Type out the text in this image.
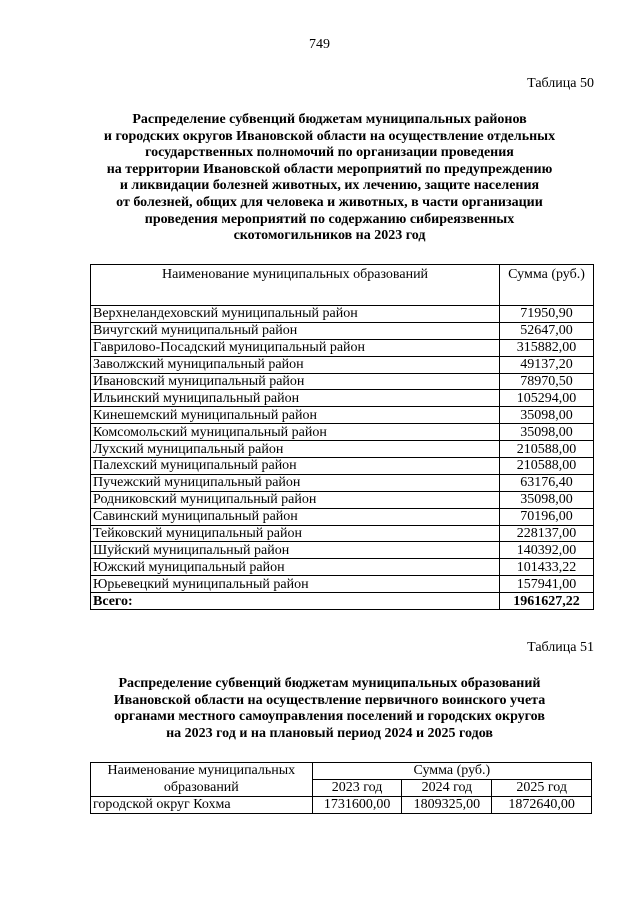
749
Таблица 50
Распределение субвенций бюджетам муниципальных районов
и городских округов Ивановской области на осуществление отдельных
государственных полномочий по организации проведения
на территории Ивановской области мероприятий по предупреждению
и ликвидации болезней животных, их лечению, защите населения
от болезней, общих для человека и животных, в части организации
проведения мероприятий по содержанию сибиреязвенных
скотомогильников на 2023 год
Наименование муниципальных образований	Сумма (руб.)
Верхнеландеховский муниципальный район	71950,90
Вичугский муниципальный район	52647,00
Гаврилово-Посадский муниципальный район	315882,00
Заволжский муниципальный район	49137,20
Ивановский муниципальный район	78970,50
Ильинский муниципальный район	105294,00
Кинешемский муниципальный район	35098,00
Комсомольский муниципальный район	35098,00
Лухский муниципальный район	210588,00
Палехский муниципальный район	210588,00
Пучежский муниципальный район	63176,40
Родниковский муниципальный район	35098,00
Савинский муниципальный район	70196,00
Тейковский муниципальный район	228137,00
Шуйский муниципальный район	140392,00
Южский муниципальный район	101433,22
Юрьевецкий муниципальный район	157941,00
Всего:	1961627,22
Таблица 51
Распределение субвенций бюджетам муниципальных образований
Ивановской области на осуществление первичного воинского учета
органами местного самоуправления поселений и городских округов
на 2023 год и на плановый период 2024 и 2025 годов
Наименование муниципальных	Сумма (руб.)		
образований	2023 год	2024 год	2025 год
городской округ Кохма	1731600,00	1809325,00	1872640,00
